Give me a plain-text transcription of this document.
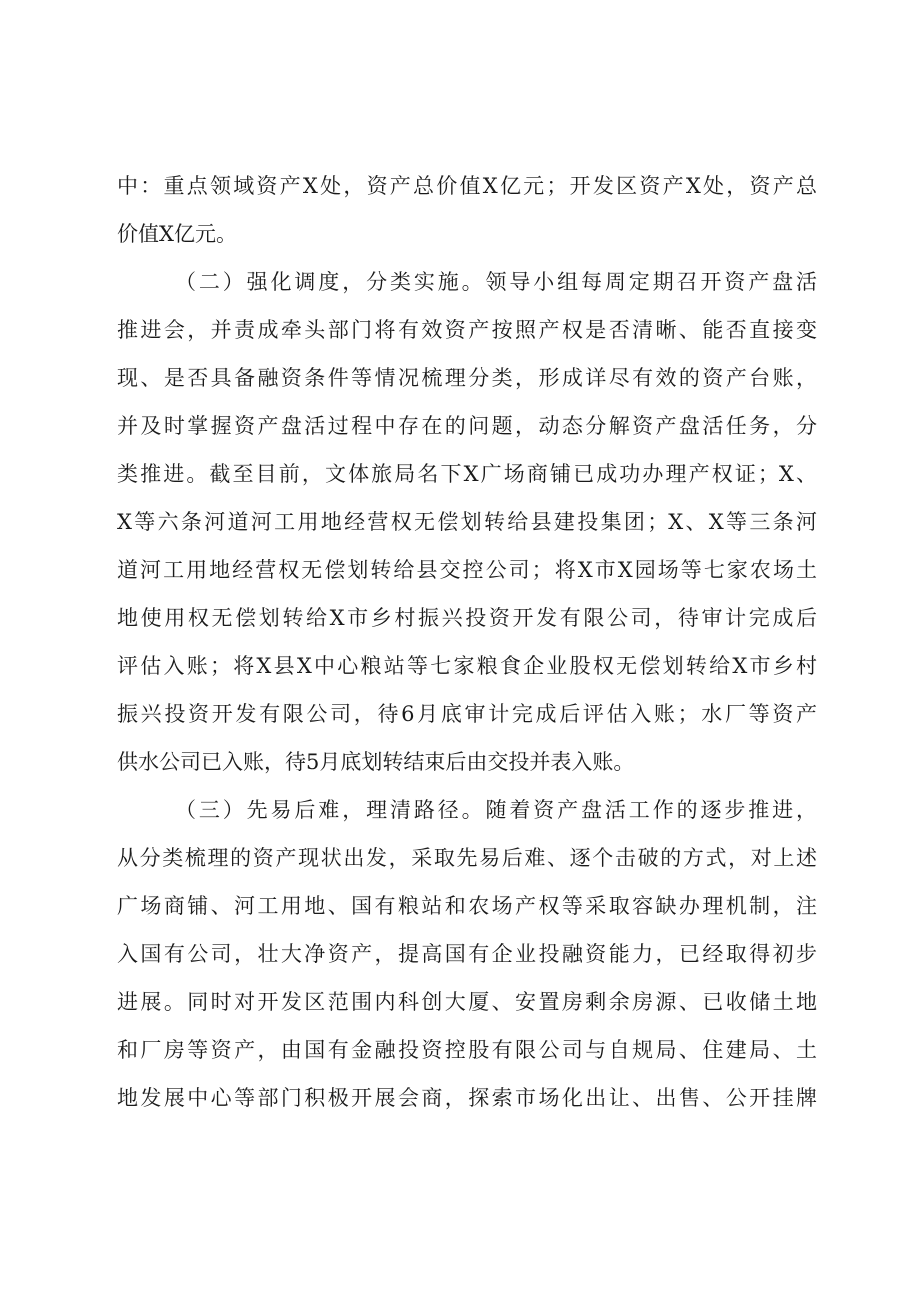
中：重点领域资产X处，资产总价值X亿元；开发区资产X处，资产总
价值X亿元。
（二）强化调度，分类实施。领导小组每周定期召开资产盘活
推进会，并责成牵头部门将有效资产按照产权是否清晰、能否直接变
现、是否具备融资条件等情况梳理分类，形成详尽有效的资产台账，
并及时掌握资产盘活过程中存在的问题，动态分解资产盘活任务，分
类推进。截至目前，文体旅局名下X广场商铺已成功办理产权证；X、
X等六条河道河工用地经营权无偿划转给县建投集团；X、X等三条河
道河工用地经营权无偿划转给县交控公司；将X市X园场等七家农场土
地使用权无偿划转给X市乡村振兴投资开发有限公司，待审计完成后
评估入账；将X县X中心粮站等七家粮食企业股权无偿划转给X市乡村
振兴投资开发有限公司，待6月底审计完成后评估入账；水厂等资产
供水公司已入账，待5月底划转结束后由交投并表入账。
（三）先易后难，理清路径。随着资产盘活工作的逐步推进，
从分类梳理的资产现状出发，采取先易后难、逐个击破的方式，对上述
广场商铺、河工用地、国有粮站和农场产权等采取容缺办理机制，注
入国有公司，壮大净资产，提高国有企业投融资能力，已经取得初步
进展。同时对开发区范围内科创大厦、安置房剩余房源、已收储土地
和厂房等资产，由国有金融投资控股有限公司与自规局、住建局、土
地发展中心等部门积极开展会商，探索市场化出让、出售、公开挂牌
